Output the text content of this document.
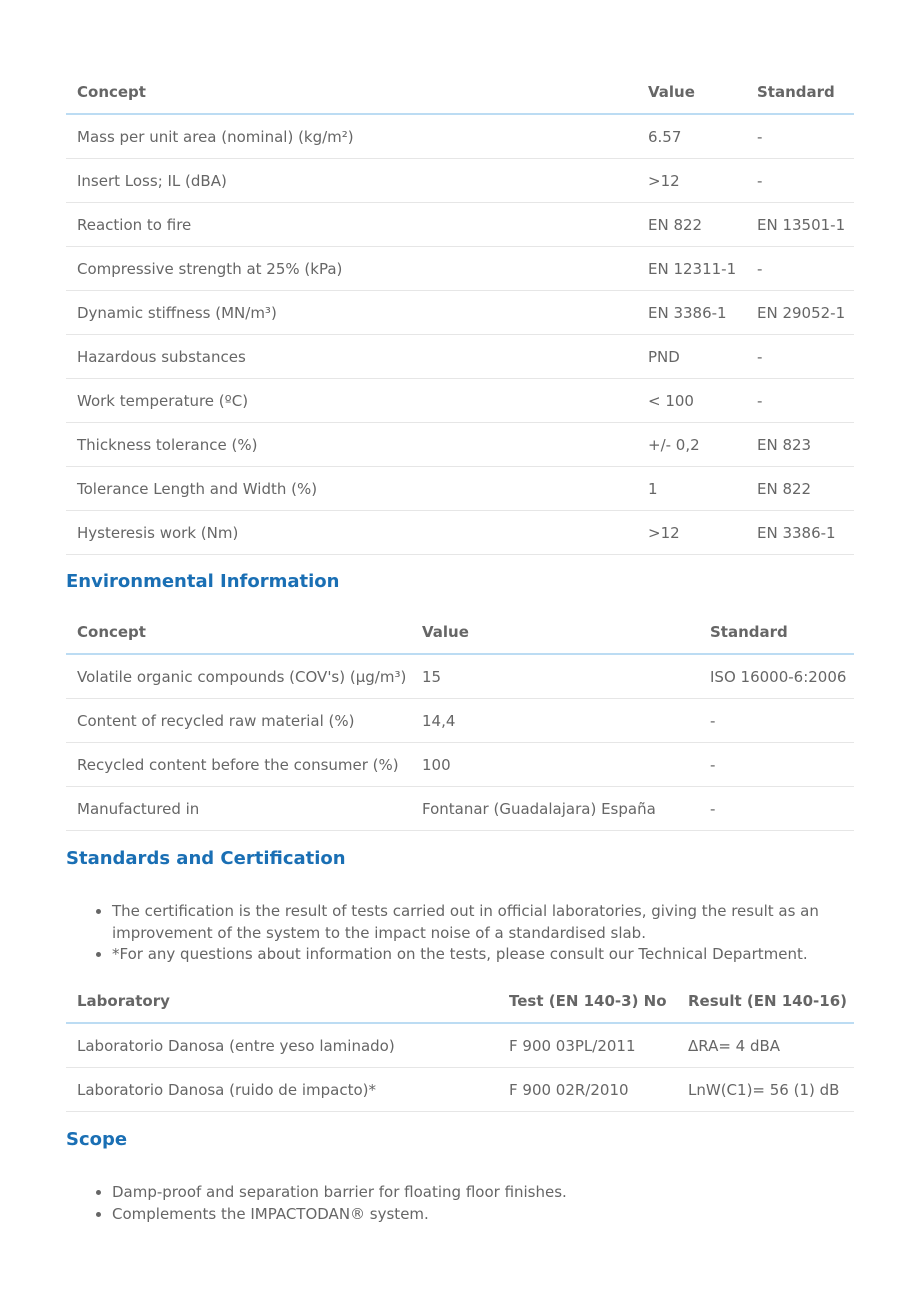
Concept	Value	Standard
Mass per unit area (nominal) (kg/m²)	6.57	-
Insert Loss; IL (dBA)	>12	-
Reaction to fire	EN 822	EN 13501-1
Compressive strength at 25% (kPa)	EN 12311-1	-
Dynamic stiffness (MN/m³)	EN 3386-1	EN 29052-1
Hazardous substances	PND	-
Work temperature (ºC)	< 100	-
Thickness tolerance (%)	+/- 0,2	EN 823
Tolerance Length and Width (%)	1	EN 822
Hysteresis work (Nm)	>12	EN 3386-1
Environmental Information
Concept	Value	Standard
Volatile organic compounds (COV's) (µg/m³)	15	ISO 16000-6:2006
Content of recycled raw material (%)	14,4	-
Recycled content before the consumer (%)	100	-
Manufactured in	Fontanar (Guadalajara) España	-
Standards and Certification
• The certification is the result of tests carried out in official laboratories, giving the result as an improvement of the system to the impact noise of a standardised slab.
• *For any questions about information on the tests, please consult our Technical Department.
Laboratory	Test (EN 140-3) No	Result (EN 140-16)
Laboratorio Danosa (entre yeso laminado)	F 900 03PL/2011	ΔRA= 4 dBA
Laboratorio Danosa (ruido de impacto)*	F 900 02R/2010	LnW(C1)= 56 (1) dB
Scope
• Damp-proof and separation barrier for floating floor finishes.
• Complements the IMPACTODAN® system.
